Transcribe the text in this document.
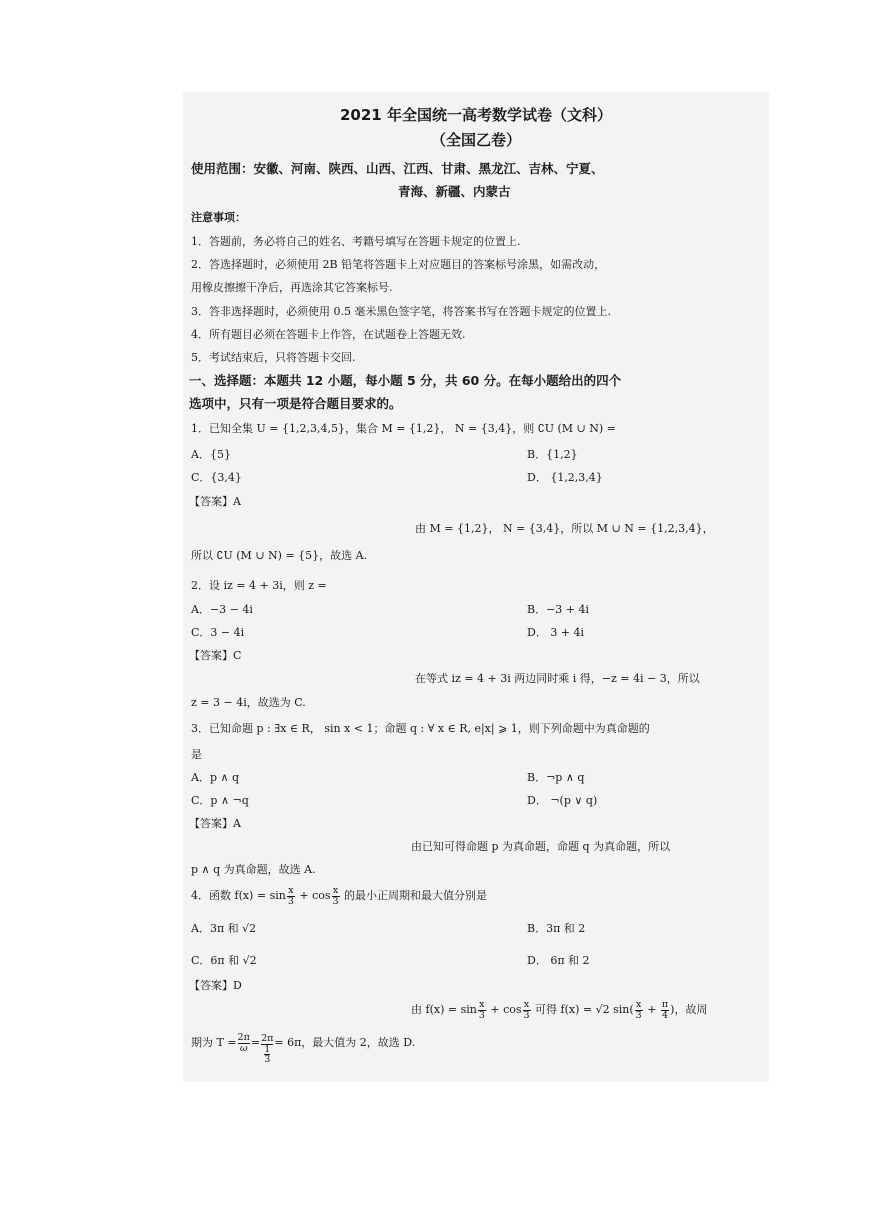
2021 年全国统一高考数学试卷（文科）
（全国乙卷）
使用范围：安徽、河南、陕西、山西、江西、甘肃、黑龙江、吉林、宁夏、
青海、新疆、内蒙古
注意事项：
1．答题前，务必将自己的姓名、考籍号填写在答题卡规定的位置上.
2．答选择题时，必须使用 2B 铅笔将答题卡上对应题目的答案标号涂黑，如需改动，
用橡皮擦擦干净后，再选涂其它答案标号.
3．答非选择题时，必须使用 0.5 毫米黑色签字笔，将答案书写在答题卡规定的位置上.
4．所有题目必须在答题卡上作答，在试题卷上答题无效.
5．考试结束后，只将答题卡交回.
一、选择题：本题共 12 小题，每小题 5 分，共 60 分。在每小题给出的四个
选项中，只有一项是符合题目要求的。
1．已知全集 U = {1,2,3,4,5}，集合 M = {1,2}， N = {3,4}，则 ∁U (M ∪ N) =
A．{5}	B．{1,2}
C．{3,4}	D． {1,2,3,4}
【答案】A
由 M = {1,2}， N = {3,4}，所以 M ∪ N = {1,2,3,4}，
所以 ∁U (M ∪ N) = {5}，故选 A.
2．设 iz = 4 + 3i，则 z =
A．−3 − 4i	B．−3 + 4i
C．3 − 4i	D． 3 + 4i
【答案】C
在等式 iz = 4 + 3i 两边同时乘 i 得，−z = 4i − 3，所以
z = 3 − 4i，故选为 C.
3．已知命题 p : ∃x ∈ R， sin x < 1；命题 q : ∀ x ∈ R, e|x| ⩾ 1，则下列命题中为真命题的
是
A．p ∧ q	B．¬p ∧ q
C．p ∧ ¬q	D． ¬(p ∨ q)
【答案】A
由已知可得命题 p 为真命题，命题 q 为真命题，所以
p ∧ q 为真命题，故选 A.
4．函数 $f(x) = \sin \frac{x}{3} + \cos \frac{x}{3}$ 的最小正周期和最大值分别是
A．3π 和 √2	B．3π 和 2
C．6π 和 √2	D． 6π 和 2
【答案】D
由 $f(x) = \sin \frac{x}{3} + \cos \frac{x}{3}$ 可得 f(x) = √2 $\sin( \frac{x}{3} + \frac{\pi}{4}$ )，故周
期为 $T = \frac{2\pi}{\omega} = \frac{2\pi}{\frac{1}{3}} = 6\pi$，最大值为 2，故选 D.
